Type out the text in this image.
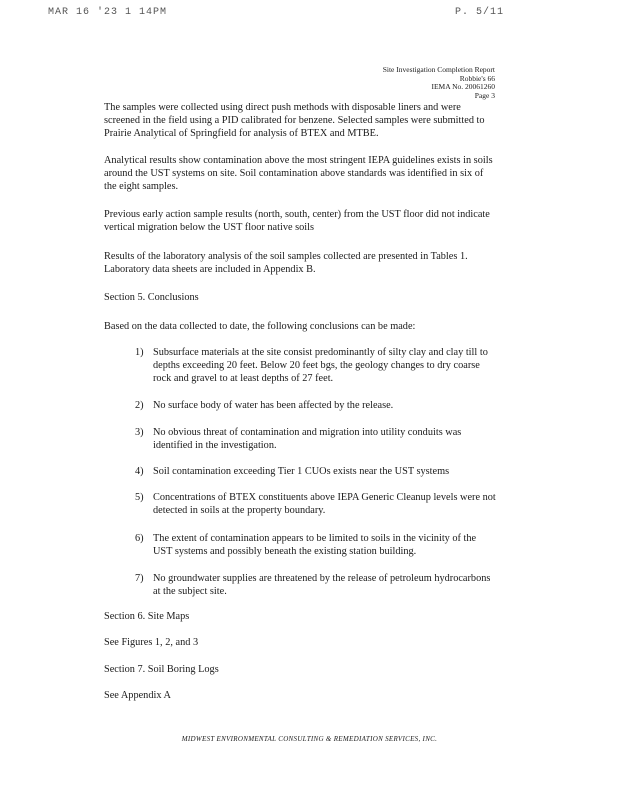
MAR 16 '23 1 14PM	P. 5/11
Site Investigation Completion Report
Robbie's 66
IEMA No. 20061260
Page 3
The samples were collected using direct push methods with disposable liners and were screened in the field using a PID calibrated for benzene. Selected samples were submitted to Prairie Analytical of Springfield for analysis of BTEX and MTBE.
Analytical results show contamination above the most stringent IEPA guidelines exists in soils around the UST systems on site. Soil contamination above standards was identified in six of the eight samples.
Previous early action sample results (north, south, center) from the UST floor did not indicate vertical migration below the UST floor native soils
Results of the laboratory analysis of the soil samples collected are presented in Tables 1. Laboratory data sheets are included in Appendix B.
Section 5. Conclusions
Based on the data collected to date, the following conclusions can be made:
1) Subsurface materials at the site consist predominantly of silty clay and clay till to depths exceeding 20 feet. Below 20 feet bgs, the geology changes to dry coarse rock and gravel to at least depths of 27 feet.
2) No surface body of water has been affected by the release.
3) No obvious threat of contamination and migration into utility conduits was identified in the investigation.
4) Soil contamination exceeding Tier 1 CUOs exists near the UST systems
5) Concentrations of BTEX constituents above IEPA Generic Cleanup levels were not detected in soils at the property boundary.
6) The extent of contamination appears to be limited to soils in the vicinity of the UST systems and possibly beneath the existing station building.
7) No groundwater supplies are threatened by the release of petroleum hydrocarbons at the subject site.
Section 6. Site Maps
See Figures 1, 2, and 3
Section 7. Soil Boring Logs
See Appendix A
MIDWEST ENVIRONMENTAL CONSULTING & REMEDIATION SERVICES, INC.
